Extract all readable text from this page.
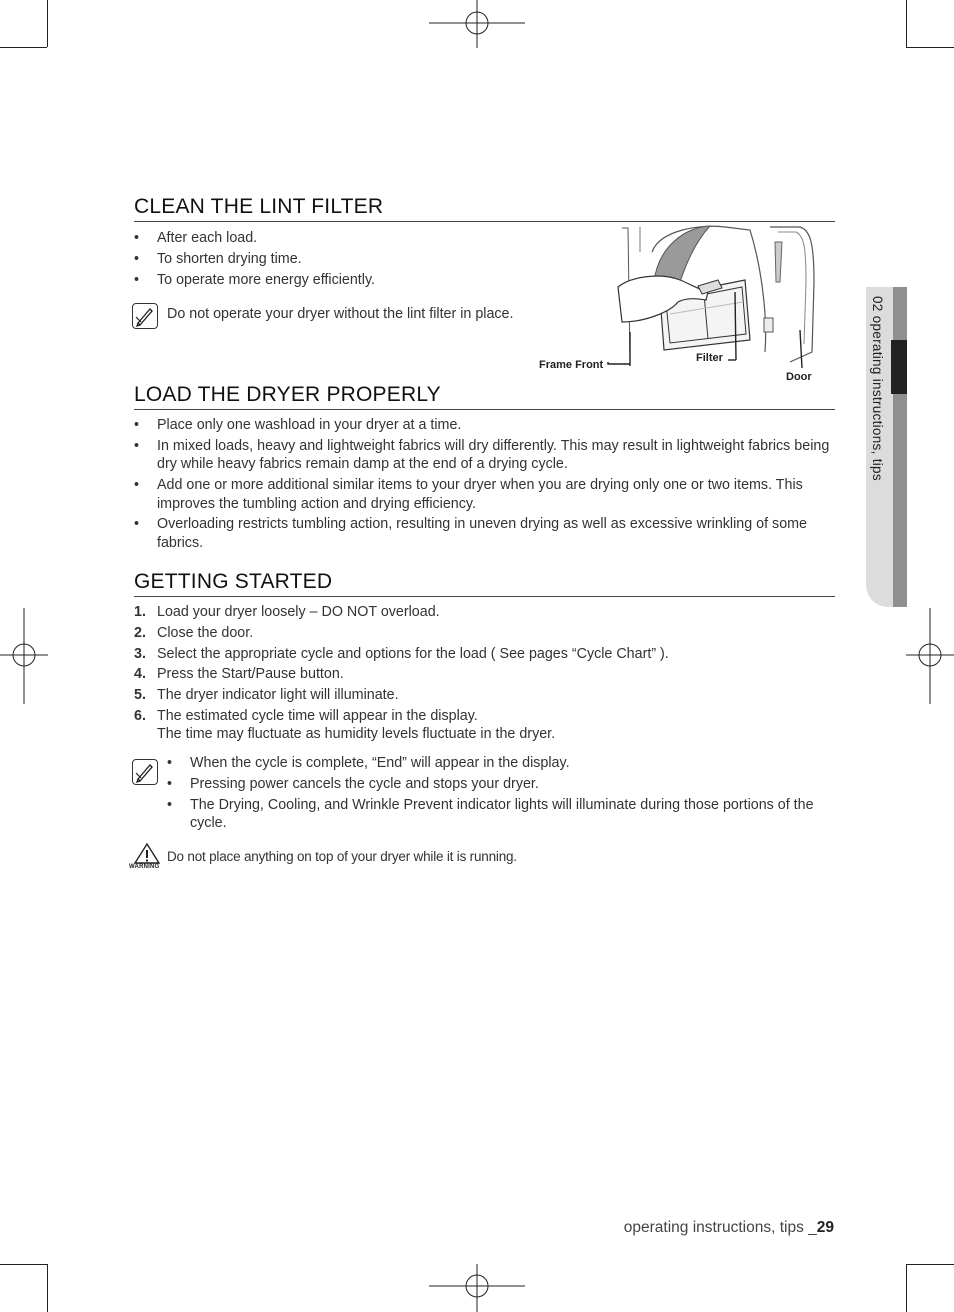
02 operating instructions, tips
CLEAN THE LINT FILTER
• After each load.
• To shorten drying time.
• To operate more energy efficiently.
Do not operate your dryer without the lint filter in place.
Frame Front
Filter
Door
LOAD THE DRYER PROPERLY
• Place only one washload in your dryer at a time.
• In mixed loads, heavy and lightweight fabrics will dry differently. This may result in lightweight fabrics being dry while heavy fabrics remain damp at the end of a drying cycle.
• Add one or more additional similar items to your dryer when you are drying only one or two items. This improves the tumbling action and drying efficiency.
• Overloading restricts tumbling action, resulting in uneven drying as well as excessive wrinkling of some fabrics.
GETTING STARTED
1. Load your dryer loosely – DO NOT overload.
2. Close the door.
3. Select the appropriate cycle and options for the load ( See pages “Cycle Chart” ).
4. Press the Start/Pause button.
5. The dryer indicator light will illuminate.
6. The estimated cycle time will appear in the display.
The time may fluctuate as humidity levels fluctuate in the dryer.
• When the cycle is complete, “End” will appear in the display.
• Pressing power cancels the cycle and stops your dryer.
• The Drying, Cooling, and Wrinkle Prevent indicator lights will illuminate during those portions of the cycle.
WARNING
Do not place anything on top of your dryer while it is running.
operating instructions, tips _29
